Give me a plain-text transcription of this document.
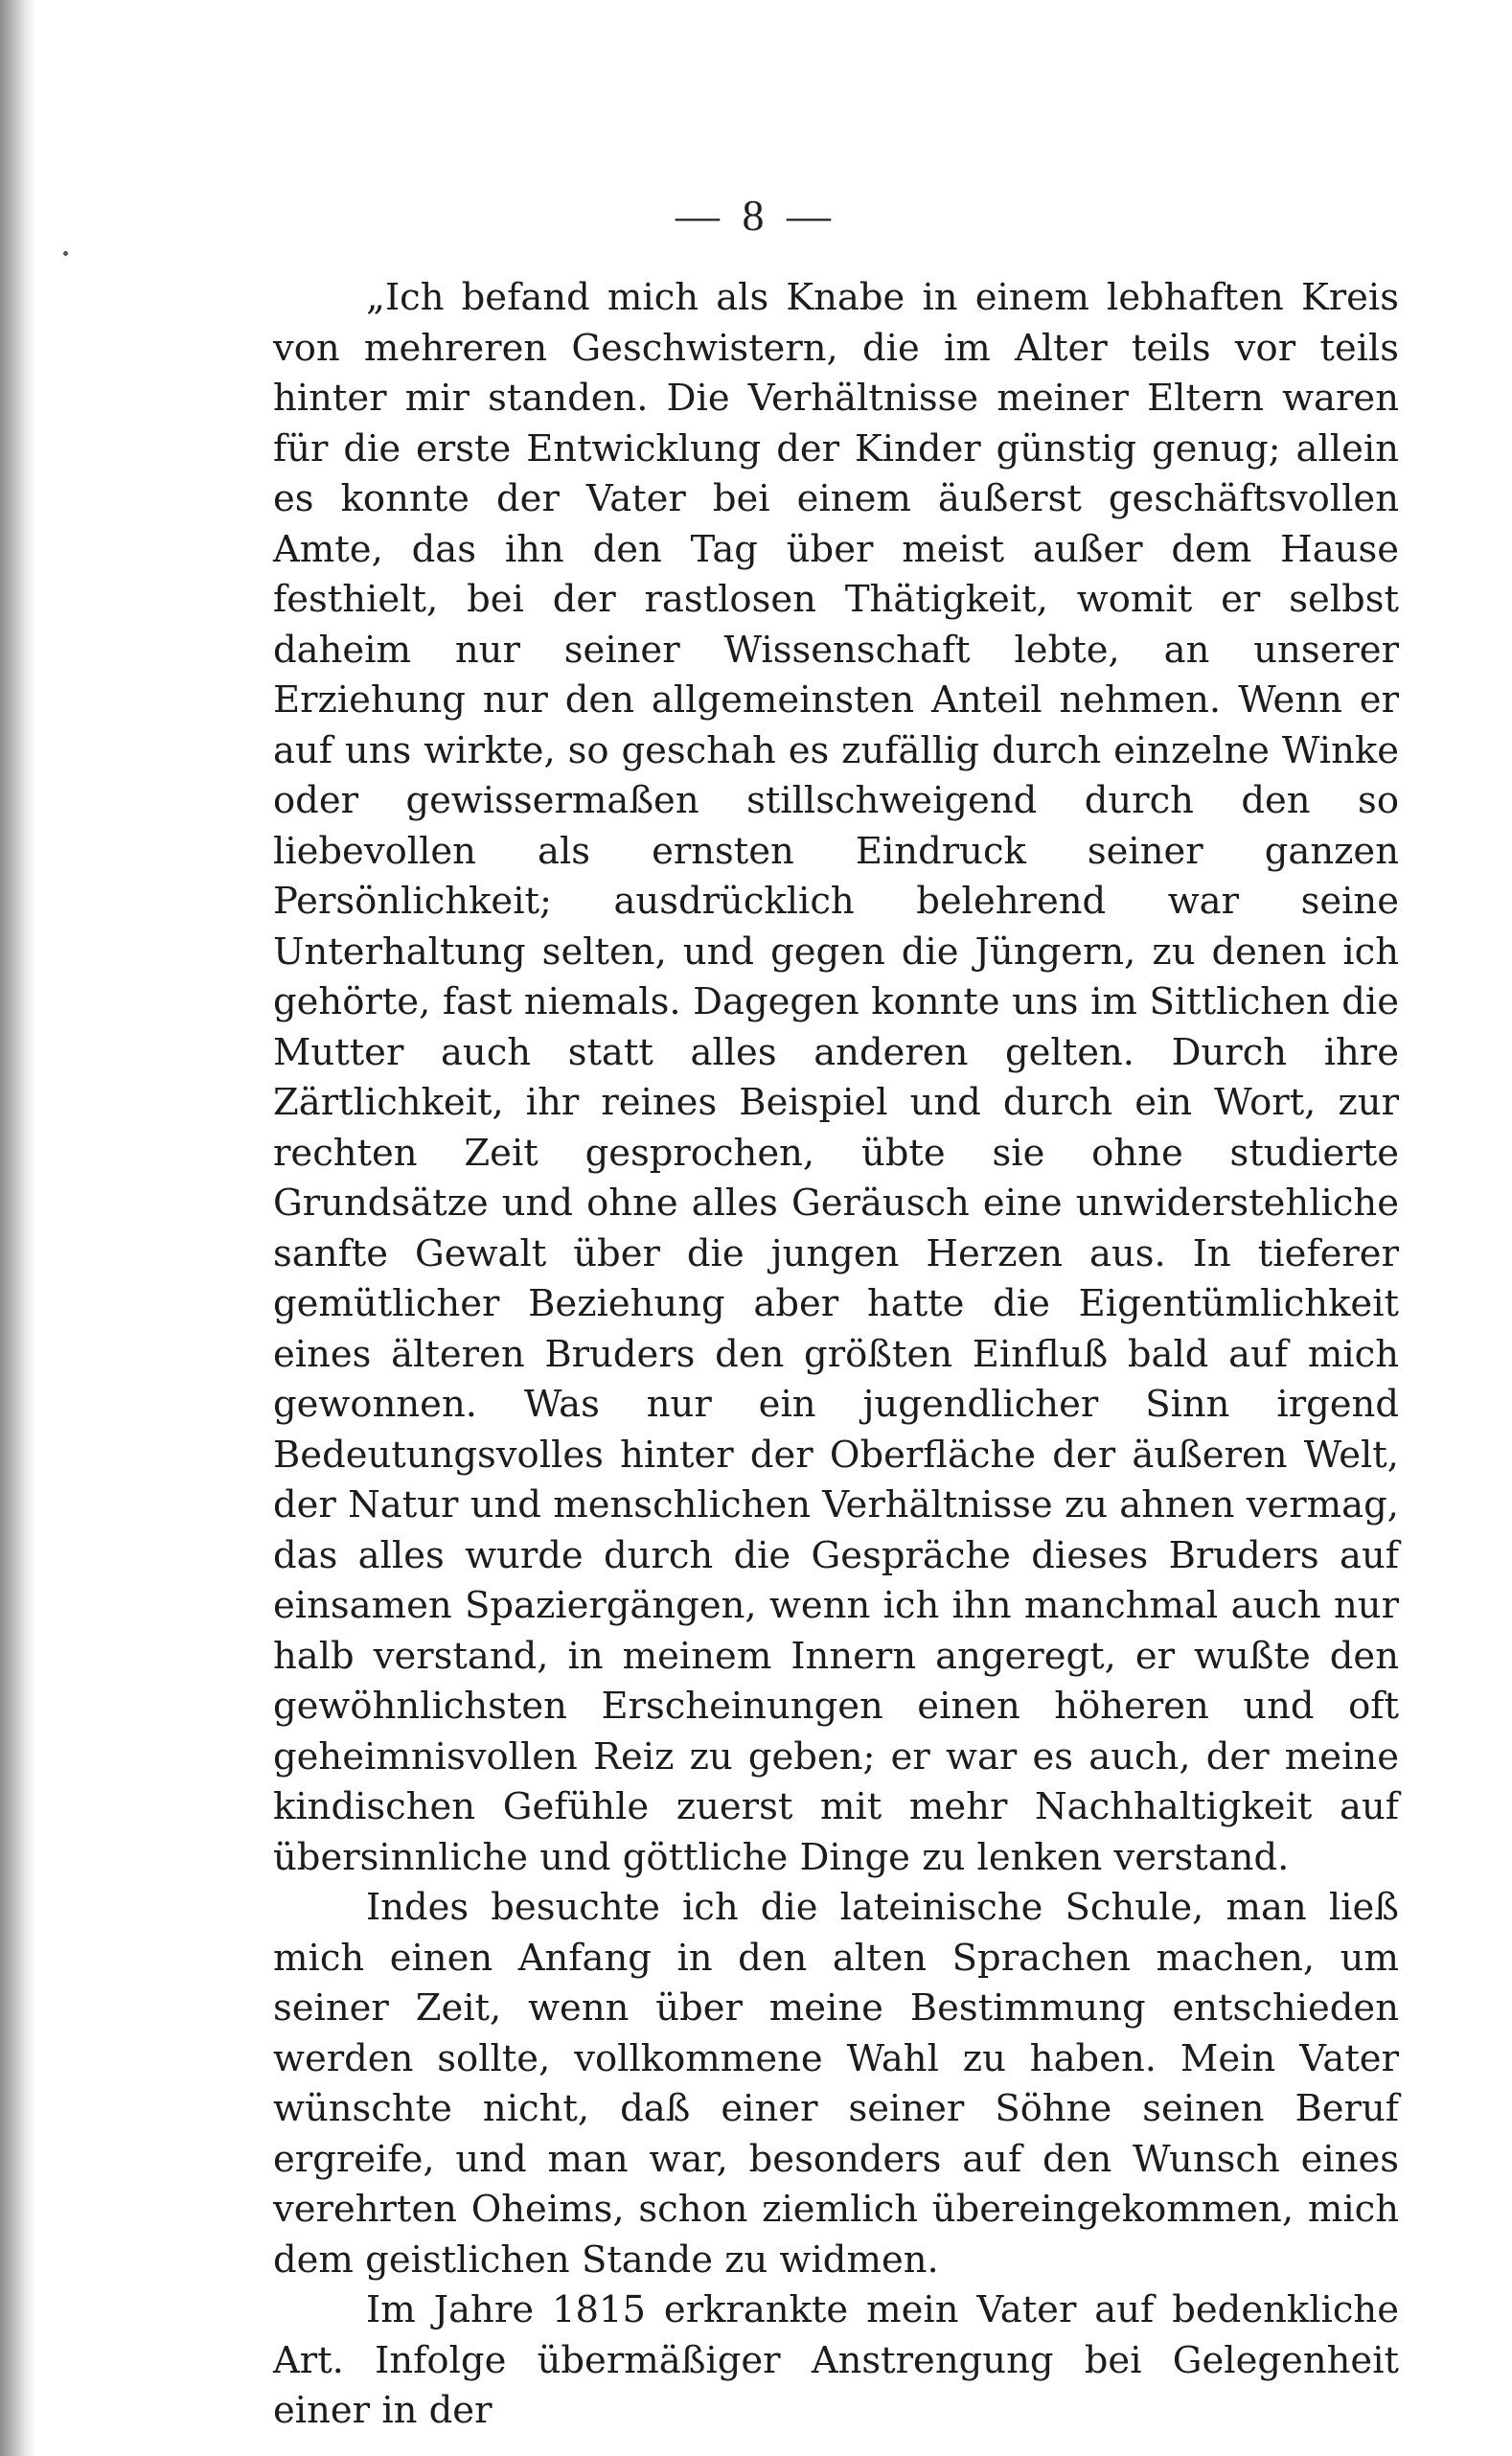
— 8 —

„Ich befand mich als Knabe in einem lebhaften Kreis von mehreren Geschwistern, die im Alter teils vor teils hinter mir standen. Die Verhältnisse meiner Eltern waren für die erste Entwicklung der Kinder günstig genug; allein es konnte der Vater bei einem äußerst geschäftsvollen Amte, das ihn den Tag über meist außer dem Hause festhielt, bei der rastlosen Thätigkeit, womit er selbst daheim nur seiner Wissenschaft lebte, an unserer Erziehung nur den allgemeinsten Anteil nehmen. Wenn er auf uns wirkte, so geschah es zufällig durch einzelne Winke oder gewissermaßen stillschweigend durch den so liebevollen als ernsten Eindruck seiner ganzen Persönlichkeit; ausdrücklich belehrend war seine Unterhaltung selten, und gegen die Jüngern, zu denen ich gehörte, fast niemals. Dagegen konnte uns im Sittlichen die Mutter auch statt alles anderen gelten. Durch ihre Zärtlichkeit, ihr reines Beispiel und durch ein Wort, zur rechten Zeit gesprochen, übte sie ohne studierte Grundsätze und ohne alles Geräusch eine unwiderstehliche sanfte Gewalt über die jungen Herzen aus. In tieferer gemütlicher Beziehung aber hatte die Eigentümlichkeit eines älteren Bruders den größten Einfluß bald auf mich gewonnen. Was nur ein jugendlicher Sinn irgend Bedeutungsvolles hinter der Oberfläche der äußeren Welt, der Natur und menschlichen Verhältnisse zu ahnen vermag, das alles wurde durch die Gespräche dieses Bruders auf einsamen Spaziergängen, wenn ich ihn manchmal auch nur halb verstand, in meinem Innern angeregt, er wußte den gewöhnlichsten Erscheinungen einen höheren und oft geheimnisvollen Reiz zu geben; er war es auch, der meine kindischen Gefühle zuerst mit mehr Nachhaltigkeit auf übersinnliche und göttliche Dinge zu lenken verstand.

Indes besuchte ich die lateinische Schule, man ließ mich einen Anfang in den alten Sprachen machen, um seiner Zeit, wenn über meine Bestimmung entschieden werden sollte, vollkommene Wahl zu haben. Mein Vater wünschte nicht, daß einer seiner Söhne seinen Beruf ergreife, und man war, besonders auf den Wunsch eines verehrten Oheims, schon ziemlich übereingekommen, mich dem geistlichen Stande zu widmen.

Im Jahre 1815 erkrankte mein Vater auf bedenkliche Art. Infolge übermäßiger Anstrengung bei Gelegenheit einer in der
